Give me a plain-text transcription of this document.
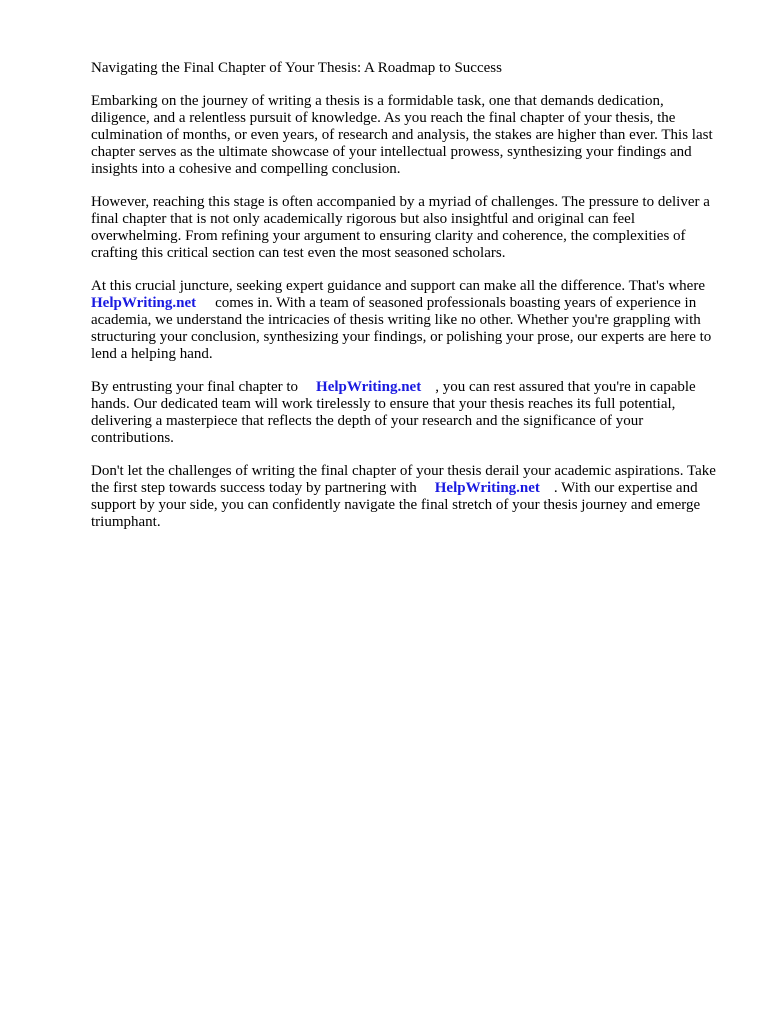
Navigating the Final Chapter of Your Thesis: A Roadmap to Success

Embarking on the journey of writing a thesis is a formidable task, one that demands dedication, diligence, and a relentless pursuit of knowledge. As you reach the final chapter of your thesis, the culmination of months, or even years, of research and analysis, the stakes are higher than ever. This last chapter serves as the ultimate showcase of your intellectual prowess, synthesizing your findings and insights into a cohesive and compelling conclusion.

However, reaching this stage is often accompanied by a myriad of challenges. The pressure to deliver a final chapter that is not only academically rigorous but also insightful and original can feel overwhelming. From refining your argument to ensuring clarity and coherence, the complexities of crafting this critical section can test even the most seasoned scholars.

At this crucial juncture, seeking expert guidance and support can make all the difference. That's whereHelpWriting.net comes in. With a team of seasoned professionals boasting years of experience in academia, we understand the intricacies of thesis writing like no other. Whether you're grappling with structuring your conclusion, synthesizing your findings, or polishing your prose, our experts are here to lend a helping hand.

By entrusting your final chapter to HelpWriting.net , you can rest assured that you're in capable hands. Our dedicated team will work tirelessly to ensure that your thesis reaches its full potential, delivering a masterpiece that reflects the depth of your research and the significance of your contributions.

Don't let the challenges of writing the final chapter of your thesis derail your academic aspirations. Take the first step towards success today by partnering with HelpWriting.net . With our expertise and support by your side, you can confidently navigate the final stretch of your thesis journey and emerge triumphant.
